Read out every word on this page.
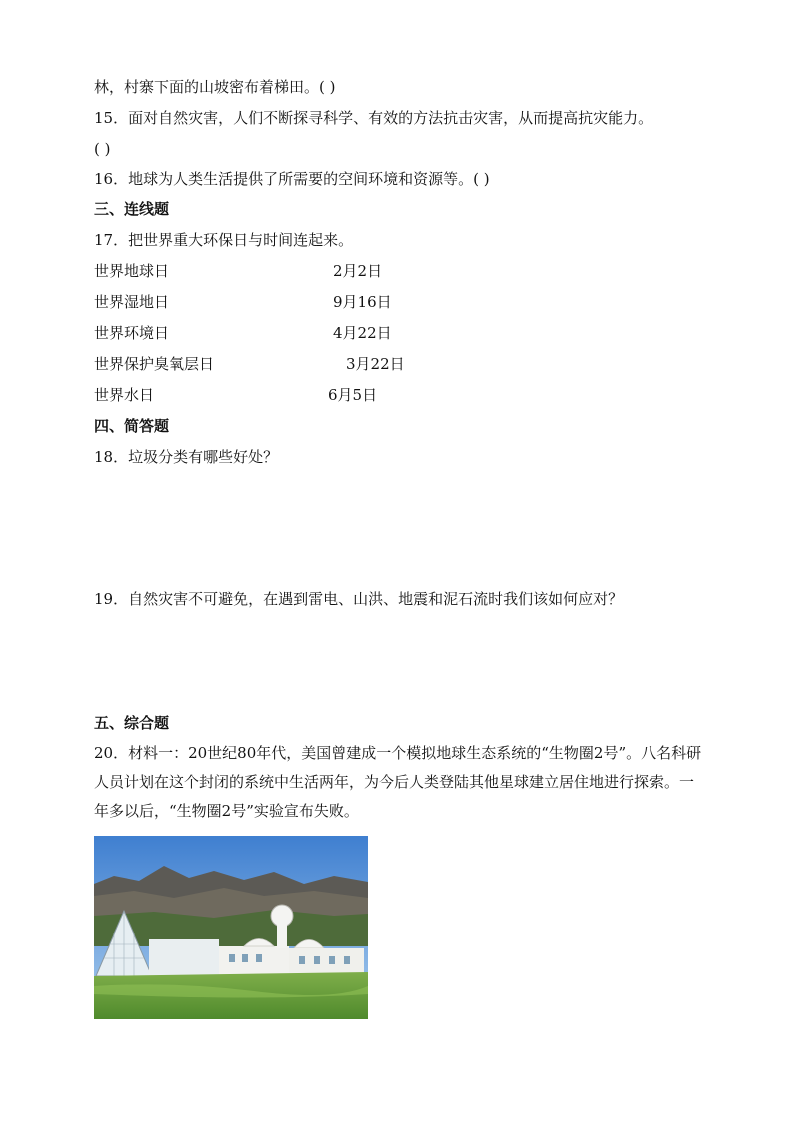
林，村寨下面的山坡密布着梯田。( )
15．面对自然灾害，人们不断探寻科学、有效的方法抗击灾害，从而提高抗灾能力。
( )
16．地球为人类生活提供了所需要的空间环境和资源等。( )
三、连线题
17．把世界重大环保日与时间连起来。
世界地球日	2月2日
世界湿地日	9月16日
世界环境日	4月22日
世界保护臭氧层日	3月22日
世界水日	6月5日
四、简答题
18．垃圾分类有哪些好处？
19．自然灾害不可避免，在遇到雷电、山洪、地震和泥石流时我们该如何应对？
五、综合题
20．材料一：20世纪80年代，美国曾建成一个模拟地球生态系统的“生物圈2号”。八名科研人员计划在这个封闭的系统中生活两年，为今后人类登陆其他星球建立居住地进行探索。一年多以后，“生物圈2号”实验宣布失败。
